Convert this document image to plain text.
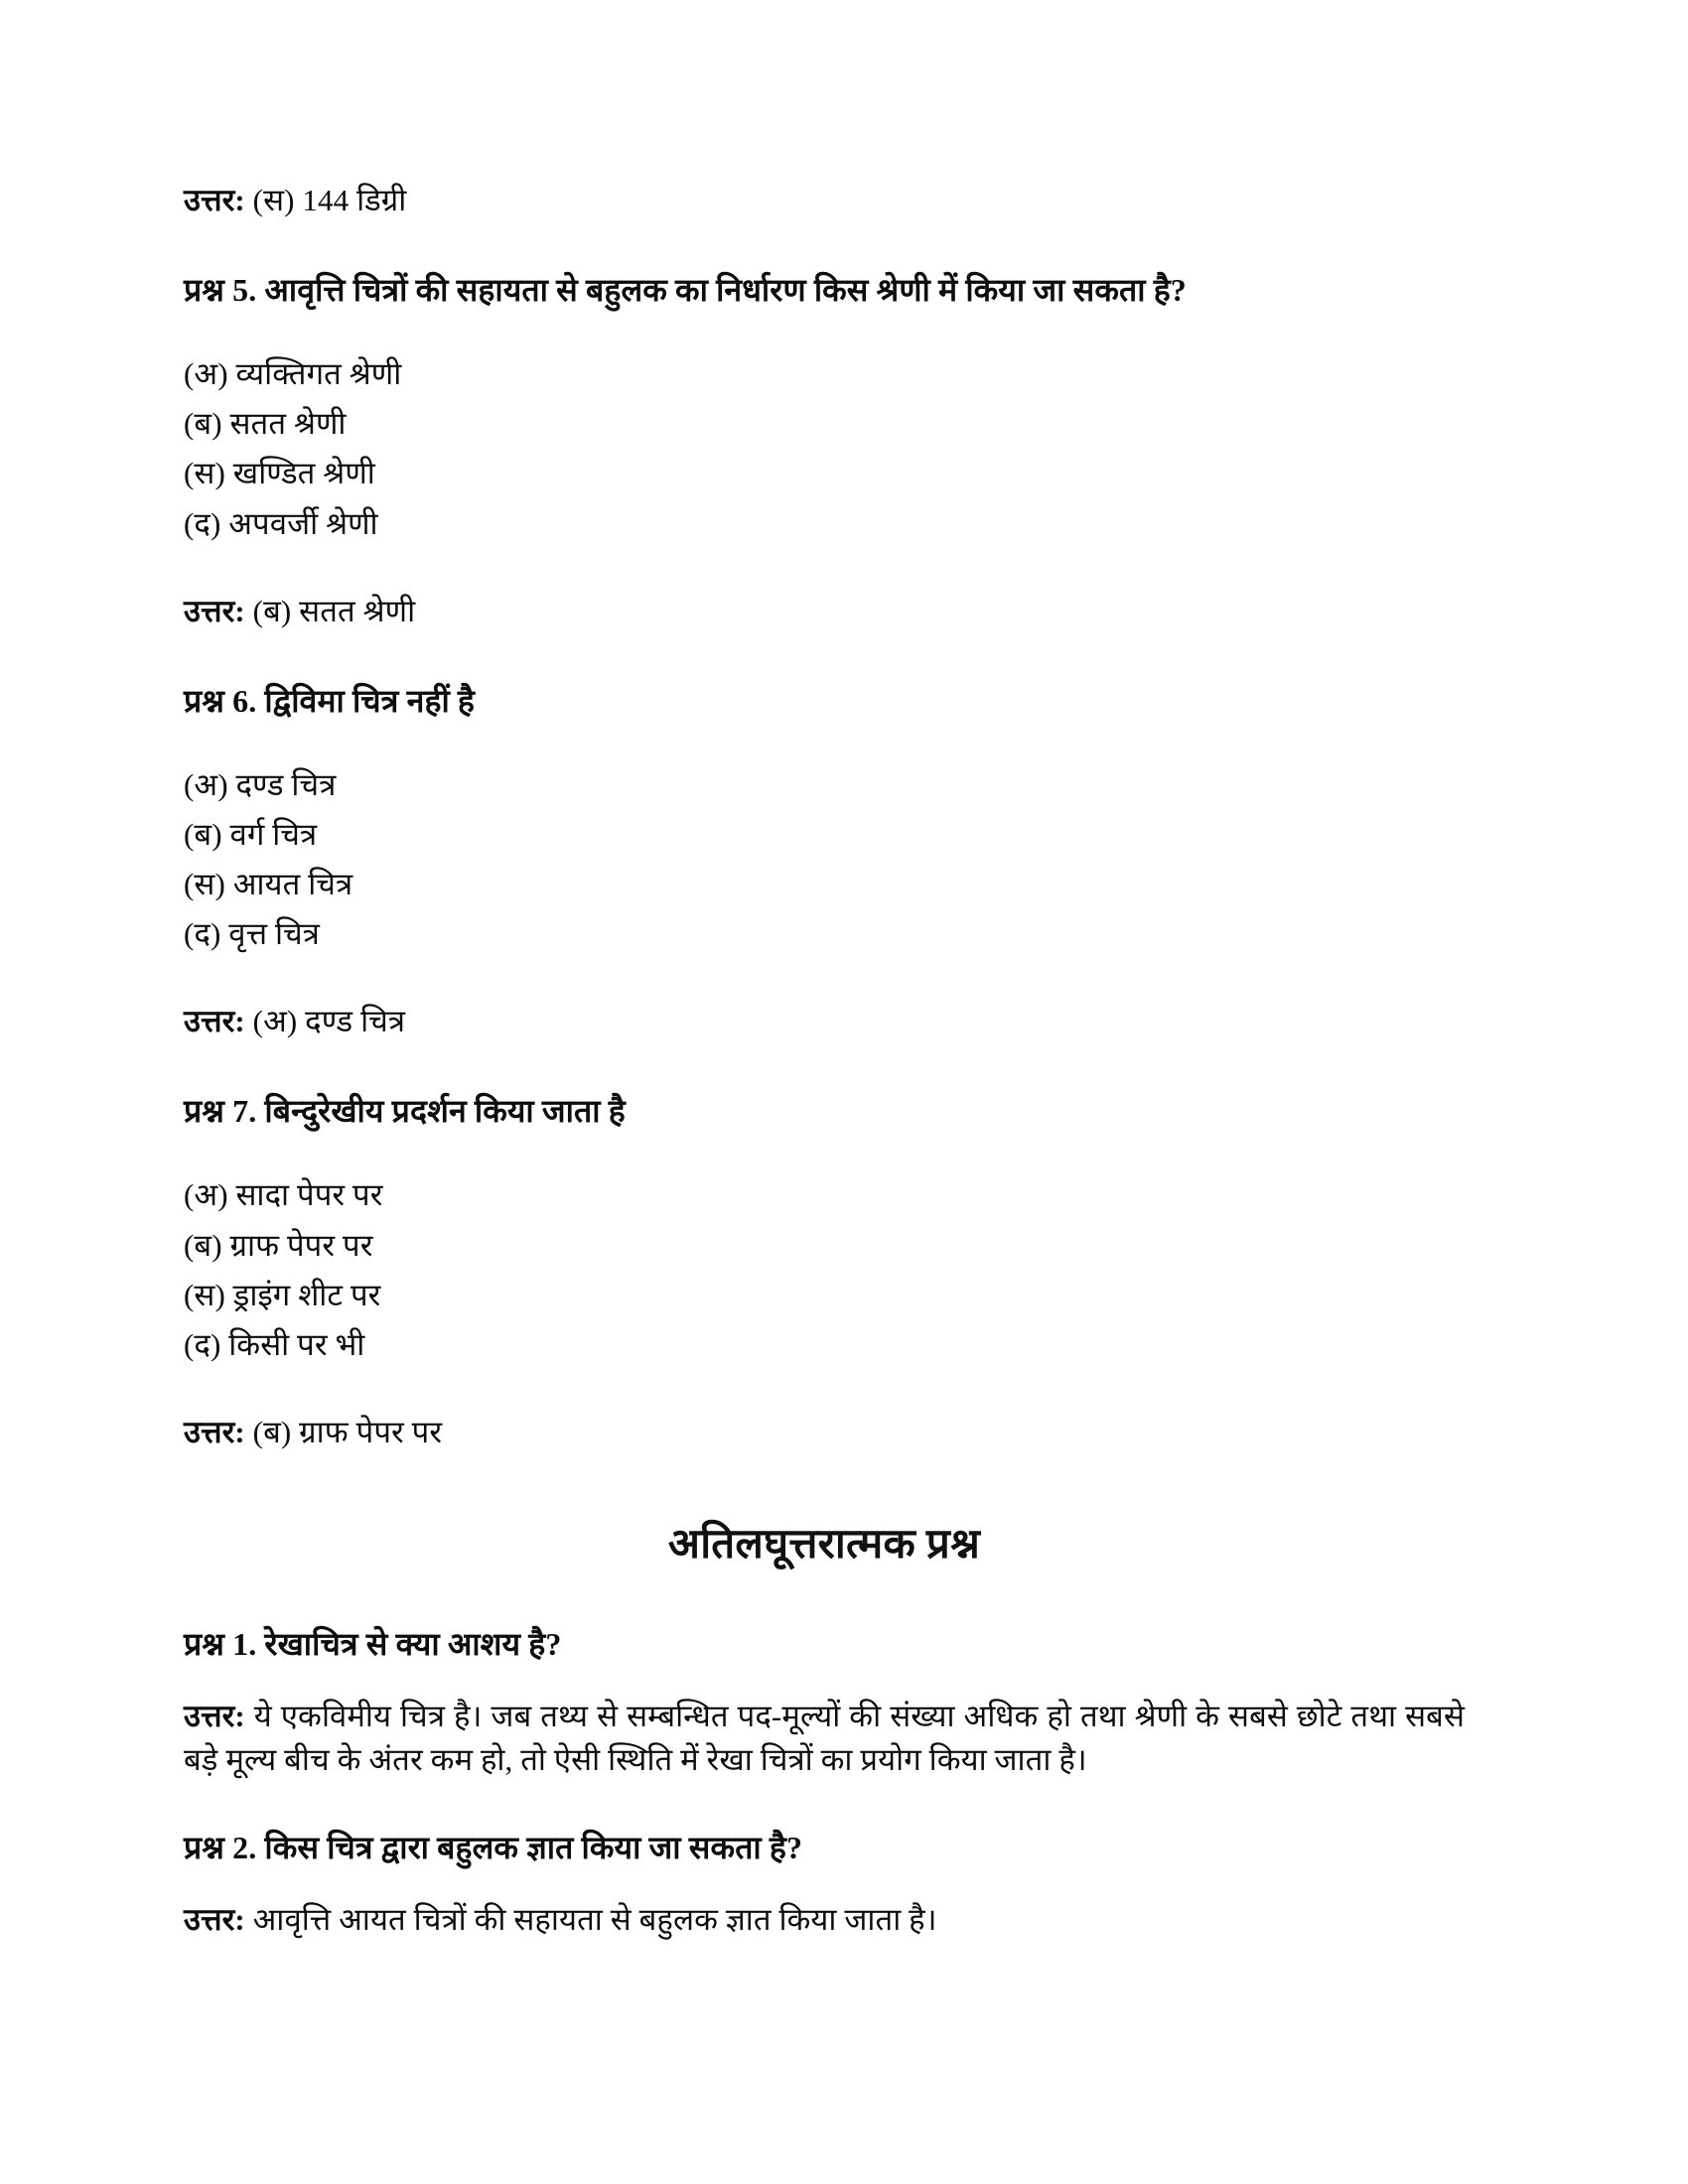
उत्तर: (स) 144 डिग्री

प्रश्न 5. आवृत्ति चित्रों की सहायता से बहुलक का निर्धारण किस श्रेणी में किया जा सकता है?

(अ) व्यक्तिगत श्रेणी

(ब) सतत श्रेणी

(स) खण्डित श्रेणी

(द) अपवर्जी श्रेणी

उत्तर: (ब) सतत श्रेणी

प्रश्न 6. द्विविमा चित्र नहीं है

(अ) दण्ड चित्र

(ब) वर्ग चित्र

(स) आयत चित्र

(द) वृत्त चित्र

उत्तर: (अ) दण्ड चित्र

प्रश्न 7. बिन्दुरेखीय प्रदर्शन किया जाता है

(अ) सादा पेपर पर

(ब) ग्राफ पेपर पर

(स) ड्राइंग शीट पर

(द) किसी पर भी

उत्तर: (ब) ग्राफ पेपर पर

अतिलघूत्तरात्मक प्रश्न

प्रश्न 1. रेखाचित्र से क्या आशय है?

उत्तर: ये एकविमीय चित्र है। जब तथ्य से सम्बन्धित पद-मूल्यों की संख्या अधिक हो तथा श्रेणी के सबसे छोटे तथा सबसे बड़े मूल्य बीच के अंतर कम हो, तो ऐसी स्थिति में रेखा चित्रों का प्रयोग किया जाता है।

प्रश्न 2. किस चित्र द्वारा बहुलक ज्ञात किया जा सकता है?

उत्तर: आवृत्ति आयत चित्रों की सहायता से बहुलक ज्ञात किया जाता है।
